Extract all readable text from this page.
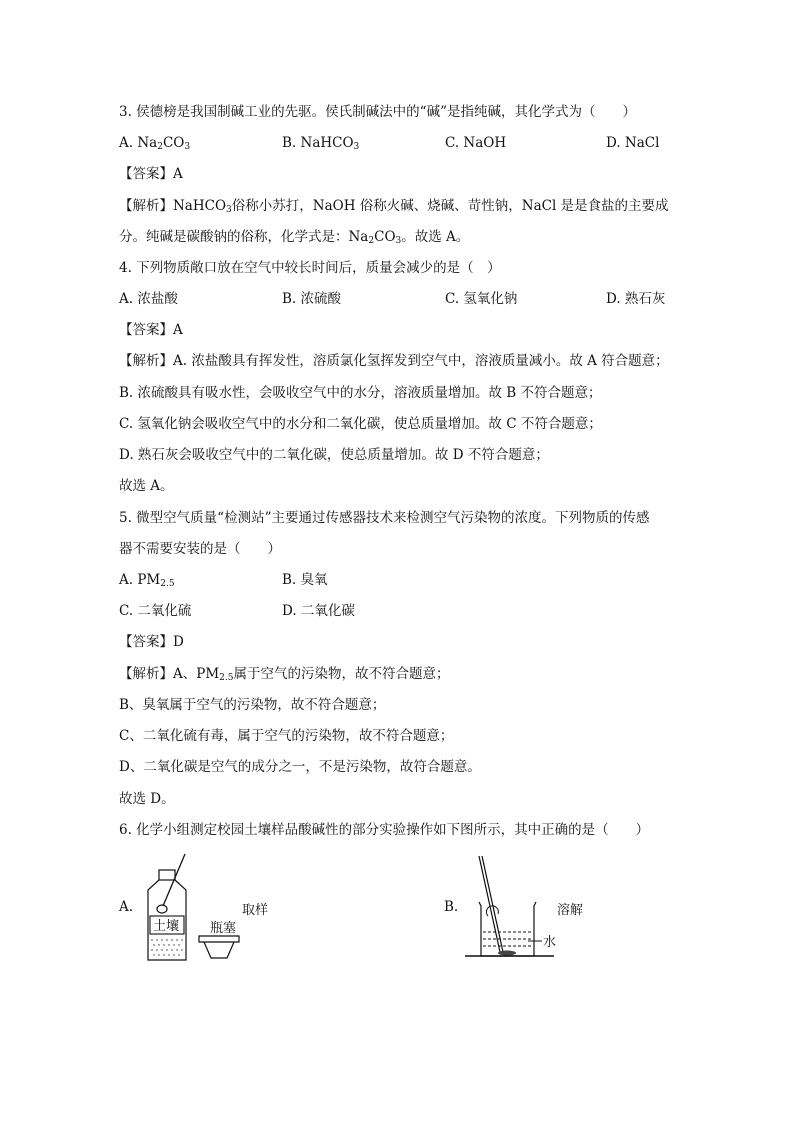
3. 侯德榜是我国制碱工业的先驱。侯氏制碱法中的“碱”是指纯碱，其化学式为（　　）
A. $Na_2CO_3$	B. NaHCO$_3$	C. NaOH	D. NaCl
【答案】A
【解析】NaHCO$_3$俗称小苏打，NaOH 俗称火碱、烧碱、苛性钠，NaCl 是是食盐的主要成
分。纯碱是碳酸钠的俗称，化学式是：$Na_2CO_3$。故选 A。
4. 下列物质敞口放在空气中较长时间后，质量会减少的是（　）
A. 浓盐酸	B. 浓硫酸	C. 氢氧化钠	D. 熟石灰
【答案】A
【解析】A. 浓盐酸具有挥发性，溶质氯化氢挥发到空气中，溶液质量减小。故 A 符合题意；
B. 浓硫酸具有吸水性，会吸收空气中的水分，溶液质量增加。故 B 不符合题意；
C. 氢氧化钠会吸收空气中的水分和二氧化碳，使总质量增加。故 C 不符合题意；
D. 熟石灰会吸收空气中的二氧化碳，使总质量增加。故 D 不符合题意；
故选 A。
5. 微型空气质量“检测站”主要通过传感器技术来检测空气污染物的浓度。下列物质的传感
器不需要安装的是（　　）
A. $PM_{2.5}$	B. 臭氧
C. 二氧化硫	D. 二氧化碳
【答案】D
【解析】A、$PM_{2.5}$属于空气的污染物，故不符合题意；
B、臭氧属于空气的污染物，故不符合题意；
C、二氧化硫有毒，属于空气的污染物，故不符合题意；
D、二氧化碳是空气的成分之一，不是污染物，故符合题意。
故选 D。
6. 化学小组测定校园土壤样品酸碱性的部分实验操作如下图所示，其中正确的是（　　）
A.
土壤 瓶塞
取样	B.
水
溶解
